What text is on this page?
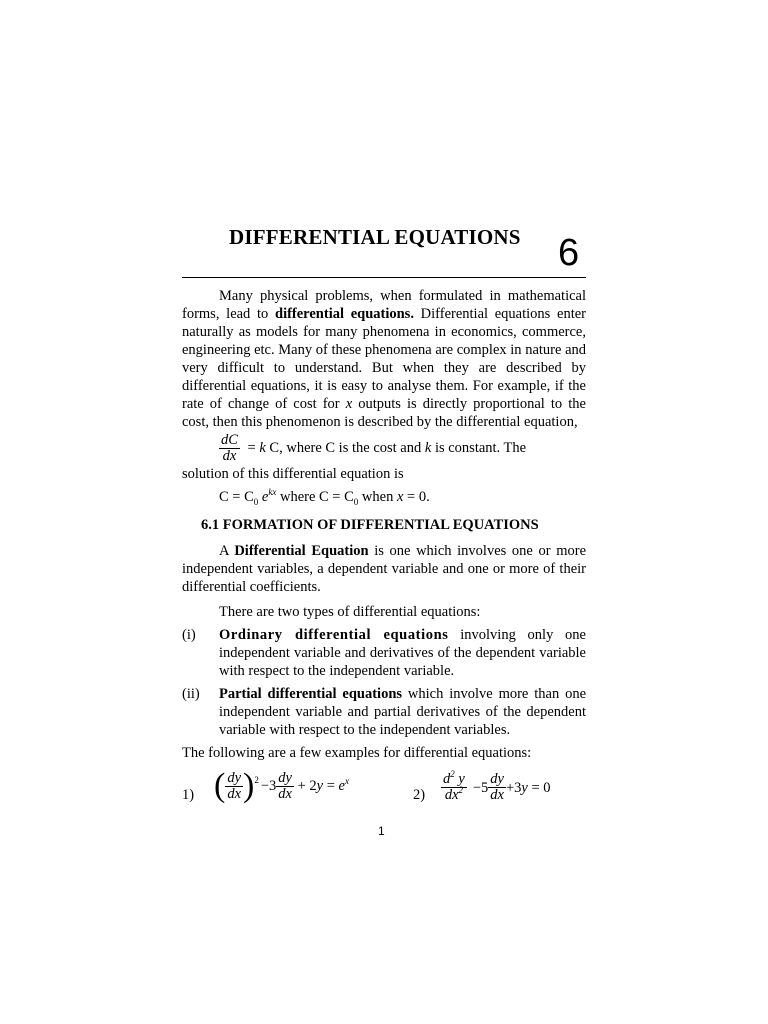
DIFFERENTIAL EQUATIONS 6
Many physical problems, when formulated in mathematical forms, lead to differential equations. Differential equations enter naturally as models for many phenomena in economics, commerce, engineering etc. Many of these phenomena are complex in nature and very difficult to understand. But when they are described by differential equations, it is easy to analyse them. For example, if the rate of change of cost for x outputs is directly proportional to the cost, then this phenomenon is described by the differential equation,
$\frac{dC}{dx} = k$ C, where C is the cost and k is constant. The
solution of this differential equation is
$C = C_0$ $e^{kx}$ where $C = C_0$ when x = 0.
6.1 FORMATION OF DIFFERENTIAL EQUATIONS
A Differential Equation is one which involves one or more independent variables, a dependent variable and one or more of their differential coefficients.
There are two types of differential equations:
(i) Ordinary differential equations involving only one independent variable and derivatives of the dependent variable with respect to the independent variable.
(ii) Partial differential equations which involve more than one independent variable and partial derivatives of the dependent variable with respect to the independent variables.
The following are a few examples for differential equations:
1) ( $\frac{dy}{dx}$ ) $2 -3 \frac{dy}{dx} + 2$ y = e x
$2) \frac{d^2 y}{dx^2} -5 \frac{dy}{dx} +3$ y = 0
1
